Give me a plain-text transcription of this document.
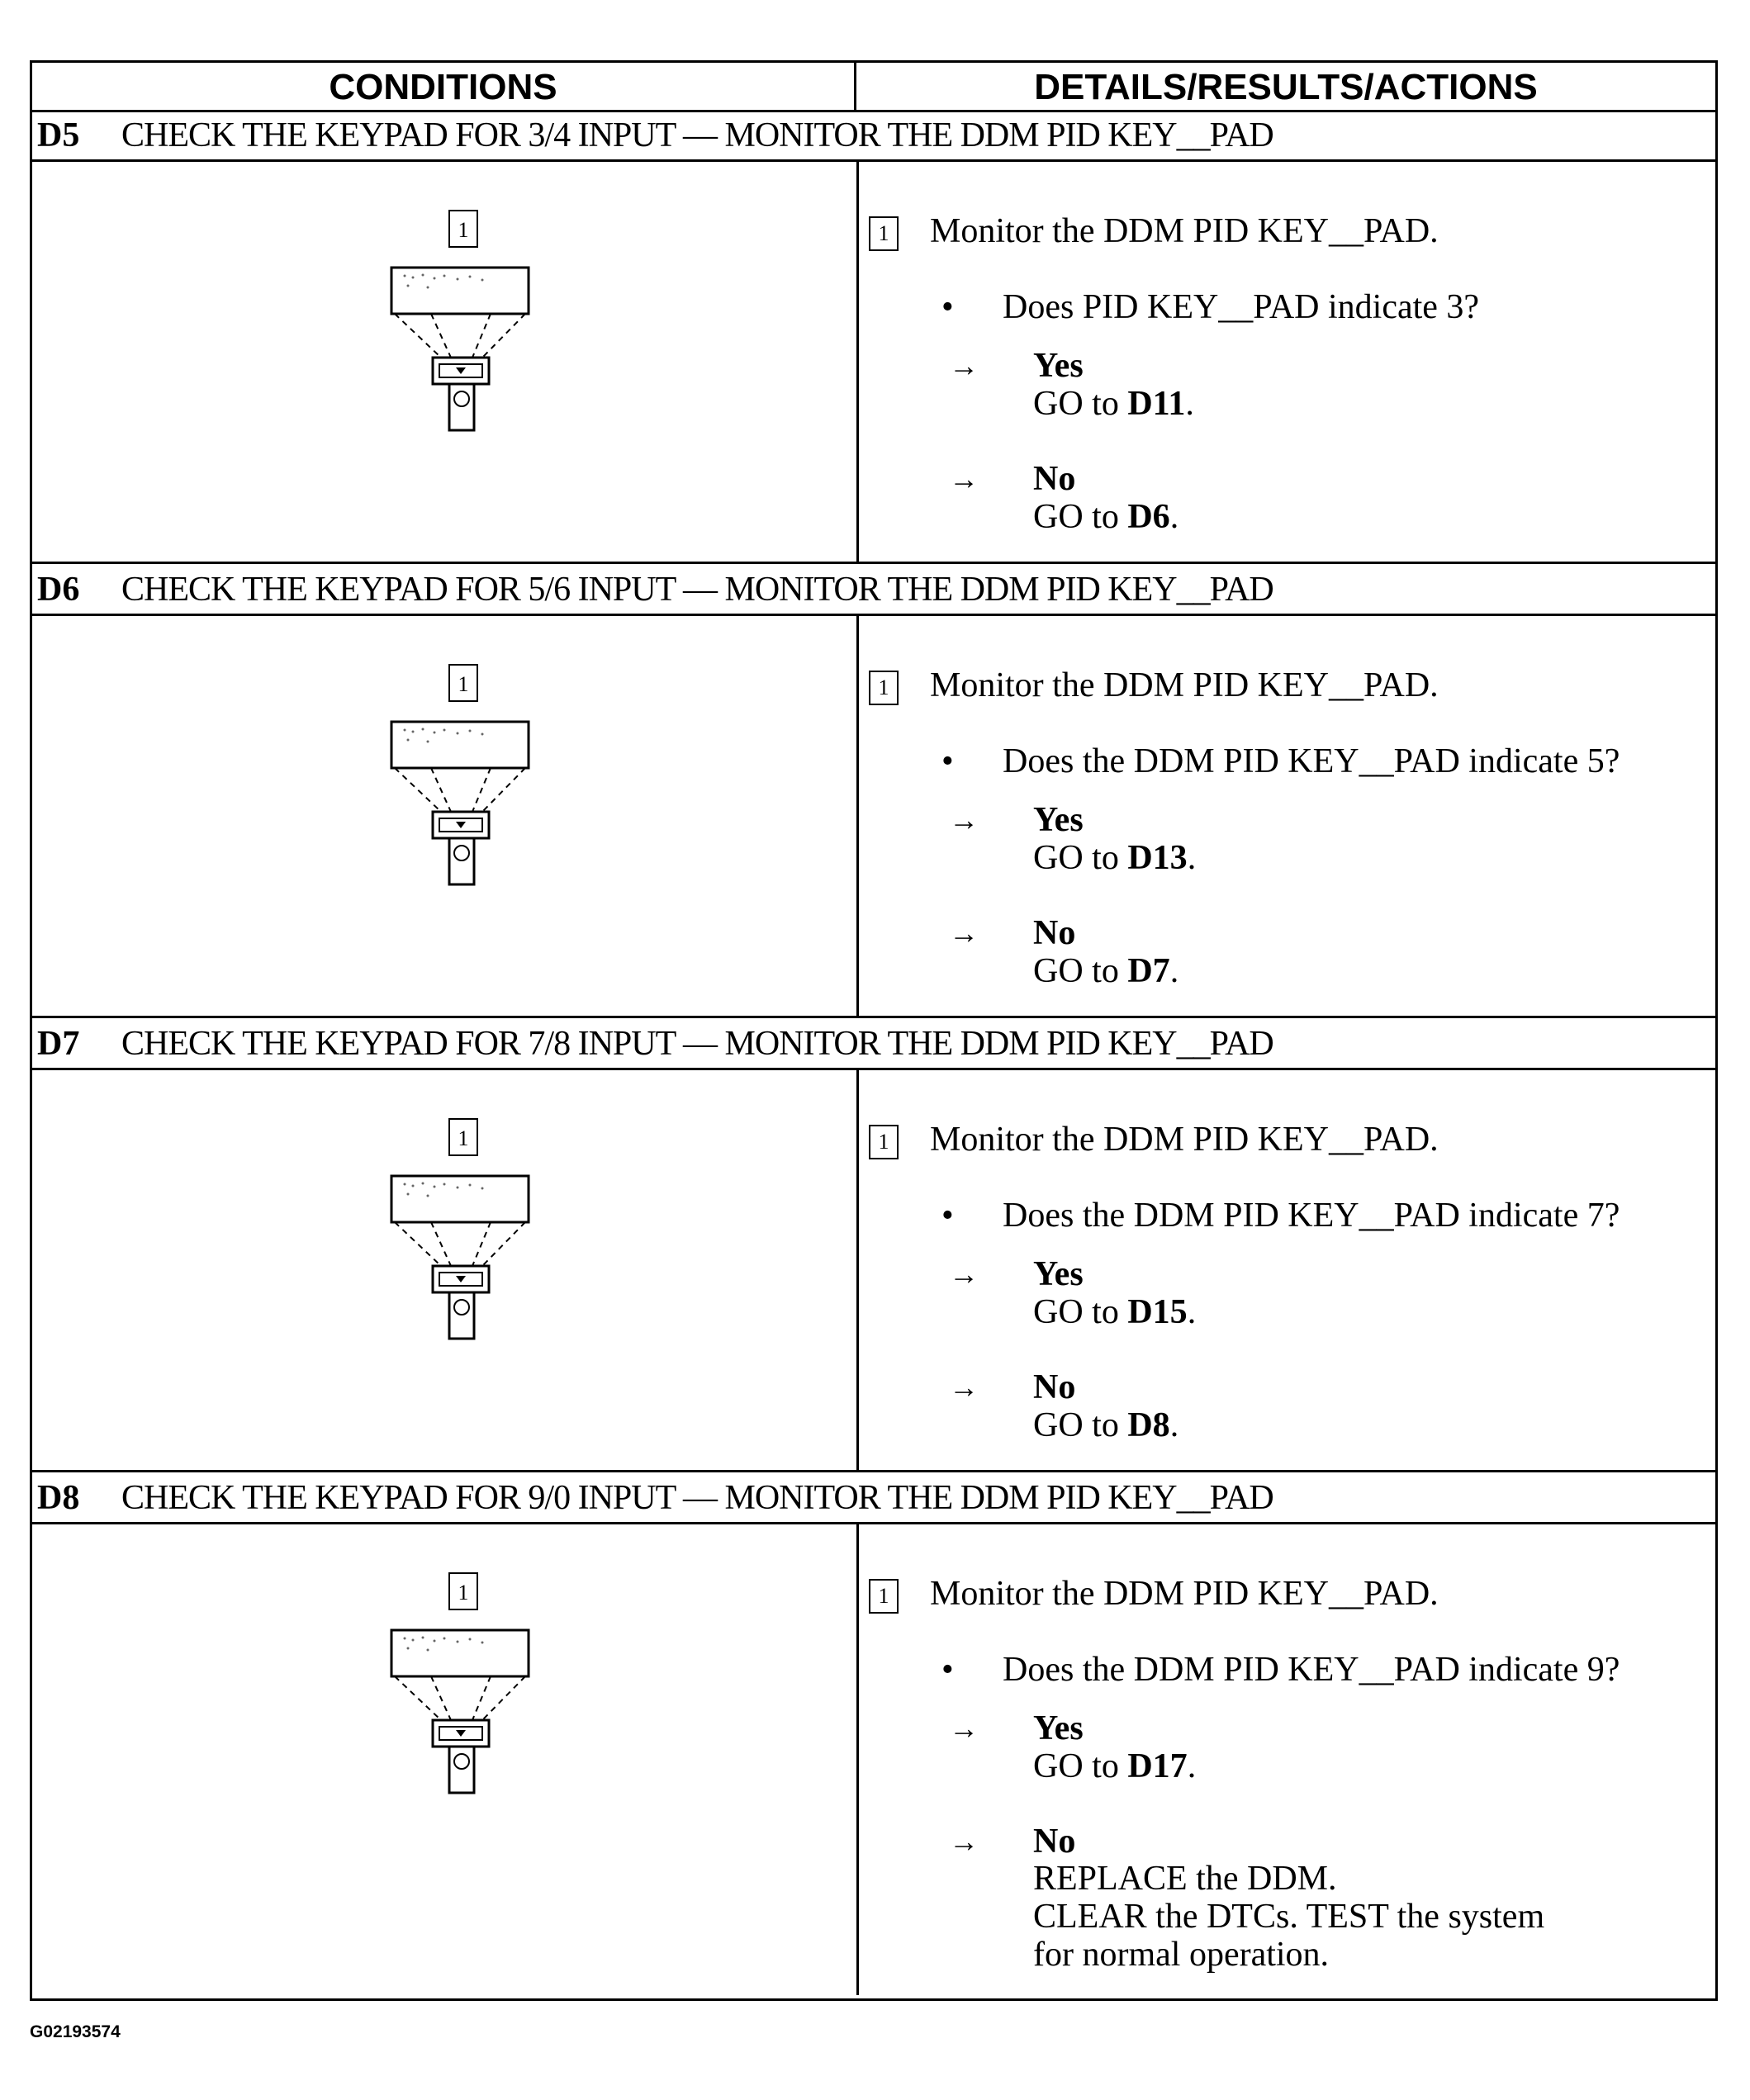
CONDITIONS	DETAILS/RESULTS/ACTIONS
D5 CHECK THE KEYPAD FOR 3/4 INPUT — MONITOR THE DDM PID KEY__PAD
1	1 Monitor the DDM PID KEY__PAD.
• Does PID KEY__PAD indicate 3?
→ Yes
GO to D11.
→ No
GO to D6.
D6 CHECK THE KEYPAD FOR 5/6 INPUT — MONITOR THE DDM PID KEY__PAD
1	1 Monitor the DDM PID KEY__PAD.
• Does the DDM PID KEY__PAD indicate 5?
→ Yes
GO to D13.
→ No
GO to D7.
D7 CHECK THE KEYPAD FOR 7/8 INPUT — MONITOR THE DDM PID KEY__PAD
1	1 Monitor the DDM PID KEY__PAD.
• Does the DDM PID KEY__PAD indicate 7?
→ Yes
GO to D15.
→ No
GO to D8.
D8 CHECK THE KEYPAD FOR 9/0 INPUT — MONITOR THE DDM PID KEY__PAD
1	1 Monitor the DDM PID KEY__PAD.
• Does the DDM PID KEY__PAD indicate 9?
→ Yes
GO to D17.
→ No
REPLACE the DDM.
CLEAR the DTCs. TEST the system
for normal operation.
G02193574
